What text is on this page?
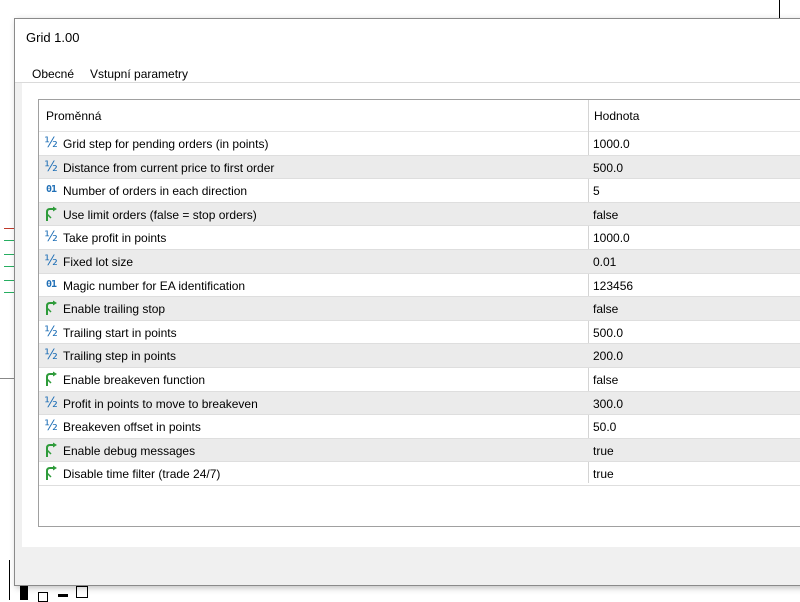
Grid 1.00
Obecné Vstupní parametry
Proměnná	Hodnota
½ Grid step for pending orders (in points)	1000.0
½ Distance from current price to first order	500.0
01 Number of orders in each direction	5
Use limit orders (false = stop orders)	false
½ Take profit in points	1000.0
½ Fixed lot size	0.01
01 Magic number for EA identification	123456
Enable trailing stop	false
½ Trailing start in points	500.0
½ Trailing step in points	200.0
Enable breakeven function	false
½ Profit in points to move to breakeven	300.0
½ Breakeven offset in points	50.0
Enable debug messages	true
Disable time filter (trade 24/7)	true
